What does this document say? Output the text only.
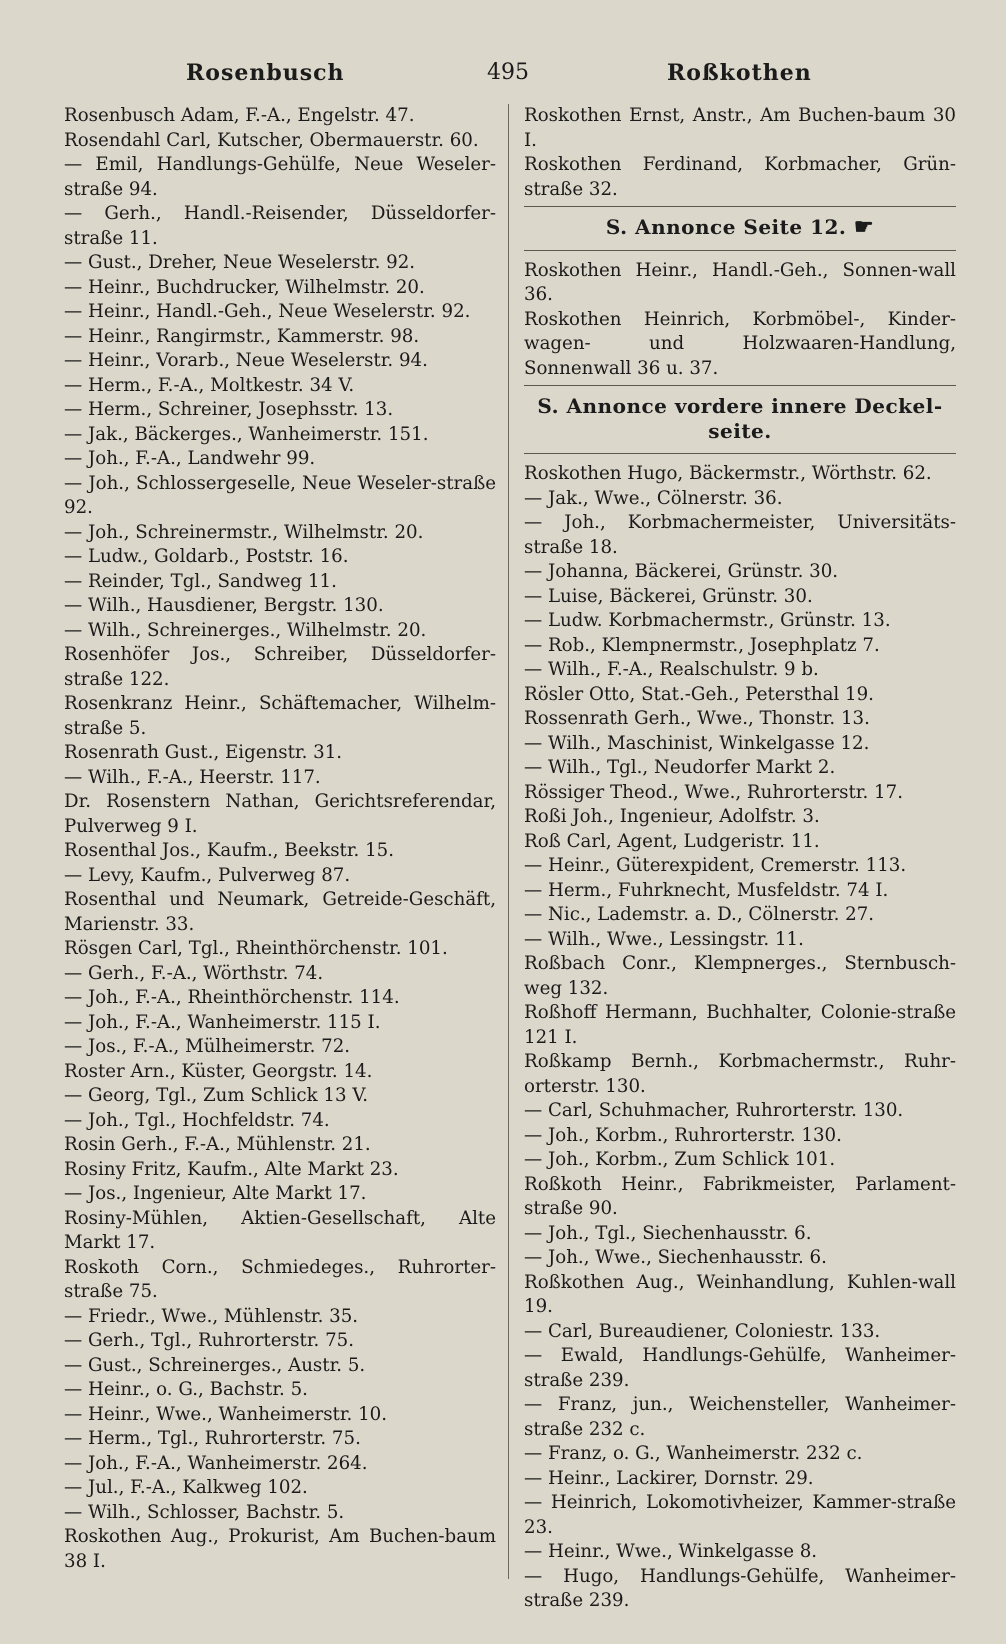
Rosenbusch	495	Roßkothen
Rosenbusch Adam, F.-A., Engelstr. 47.
Rosendahl Carl, Kutscher, Obermauerstr. 60.
— Emil, Handlungs-Gehülfe, Neue Weseler-straße 94.
— Gerh., Handl.-Reisender, Düsseldorfer-straße 11.
— Gust., Dreher, Neue Weselerstr. 92.
— Heinr., Buchdrucker, Wilhelmstr. 20.
— Heinr., Handl.-Geh., Neue Weselerstr. 92.
— Heinr., Rangirmstr., Kammerstr. 98.
— Heinr., Vorarb., Neue Weselerstr. 94.
— Herm., F.-A., Moltkestr. 34 V.
— Herm., Schreiner, Josephsstr. 13.
— Jak., Bäckerges., Wanheimerstr. 151.
— Joh., F.-A., Landwehr 99.
— Joh., Schlossergeselle, Neue Weseler-straße 92.
— Joh., Schreinermstr., Wilhelmstr. 20.
— Ludw., Goldarb., Poststr. 16.
— Reinder, Tgl., Sandweg 11.
— Wilh., Hausdiener, Bergstr. 130.
— Wilh., Schreinerges., Wilhelmstr. 20.
Rosenhöfer Jos., Schreiber, Düsseldorfer-straße 122.
Rosenkranz Heinr., Schäftemacher, Wilhelm-straße 5.
Rosenrath Gust., Eigenstr. 31.
— Wilh., F.-A., Heerstr. 117.
Dr. Rosenstern Nathan, Gerichtsreferendar, Pulverweg 9 I.
Rosenthal Jos., Kaufm., Beekstr. 15.
— Levy, Kaufm., Pulverweg 87.
Rosenthal und Neumark, Getreide-Geschäft, Marienstr. 33.
Rösgen Carl, Tgl., Rheinthörchenstr. 101.
— Gerh., F.-A., Wörthstr. 74.
— Joh., F.-A., Rheinthörchenstr. 114.
— Joh., F.-A., Wanheimerstr. 115 I.
— Jos., F.-A., Mülheimerstr. 72.
Roster Arn., Küster, Georgstr. 14.
— Georg, Tgl., Zum Schlick 13 V.
— Joh., Tgl., Hochfeldstr. 74.
Rosin Gerh., F.-A., Mühlenstr. 21.
Rosiny Fritz, Kaufm., Alte Markt 23.
— Jos., Ingenieur, Alte Markt 17.
Rosiny-Mühlen, Aktien-Gesellschaft, Alte Markt 17.
Roskoth Corn., Schmiedeges., Ruhrorter-straße 75.
— Friedr., Wwe., Mühlenstr. 35.
— Gerh., Tgl., Ruhrorterstr. 75.
— Gust., Schreinerges., Austr. 5.
— Heinr., o. G., Bachstr. 5.
— Heinr., Wwe., Wanheimerstr. 10.
— Herm., Tgl., Ruhrorterstr. 75.
— Joh., F.-A., Wanheimerstr. 264.
— Jul., F.-A., Kalkweg 102.
— Wilh., Schlosser, Bachstr. 5.
Roskothen Aug., Prokurist, Am Buchen-baum 38 I.
Roskothen Ernst, Anstr., Am Buchen-baum 30 I.
Roskothen Ferdinand, Korbmacher, Grün-straße 32.
S. Annonce Seite 12. ☛
Roskothen Heinr., Handl.-Geh., Sonnen-wall 36.
Roskothen Heinrich, Korbmöbel-, Kinder-wagen- und Holzwaaren-Handlung, Sonnenwall 36 u. 37.
S. Annonce vordere innere Deckel-seite.
Roskothen Hugo, Bäckermstr., Wörthstr. 62.
— Jak., Wwe., Cölnerstr. 36.
— Joh., Korbmachermeister, Universitäts-straße 18.
— Johanna, Bäckerei, Grünstr. 30.
— Luise, Bäckerei, Grünstr. 30.
— Ludw. Korbmachermstr., Grünstr. 13.
— Rob., Klempnermstr., Josephplatz 7.
— Wilh., F.-A., Realschulstr. 9 b.
Rösler Otto, Stat.-Geh., Petersthal 19.
Rossenrath Gerh., Wwe., Thonstr. 13.
— Wilh., Maschinist, Winkelgasse 12.
— Wilh., Tgl., Neudorfer Markt 2.
Rössiger Theod., Wwe., Ruhrorterstr. 17.
Roßi Joh., Ingenieur, Adolfstr. 3.
Roß Carl, Agent, Ludgeristr. 11.
— Heinr., Güterexpident, Cremerstr. 113.
— Herm., Fuhrknecht, Musfeldstr. 74 I.
— Nic., Lademstr. a. D., Cölnerstr. 27.
— Wilh., Wwe., Lessingstr. 11.
Roßbach Conr., Klempnerges., Sternbusch-weg 132.
Roßhoff Hermann, Buchhalter, Colonie-straße 121 I.
Roßkamp Bernh., Korbmachermstr., Ruhr-orterstr. 130.
— Carl, Schuhmacher, Ruhrorterstr. 130.
— Joh., Korbm., Ruhrorterstr. 130.
— Joh., Korbm., Zum Schlick 101.
Roßkoth Heinr., Fabrikmeister, Parlament-straße 90.
— Joh., Tgl., Siechenhausstr. 6.
— Joh., Wwe., Siechenhausstr. 6.
Roßkothen Aug., Weinhandlung, Kuhlen-wall 19.
— Carl, Bureaudiener, Coloniestr. 133.
— Ewald, Handlungs-Gehülfe, Wanheimer-straße 239.
— Franz, jun., Weichensteller, Wanheimer-straße 232 c.
— Franz, o. G., Wanheimerstr. 232 c.
— Heinr., Lackirer, Dornstr. 29.
— Heinrich, Lokomotivheizer, Kammer-straße 23.
— Heinr., Wwe., Winkelgasse 8.
— Hugo, Handlungs-Gehülfe, Wanheimer-straße 239.
